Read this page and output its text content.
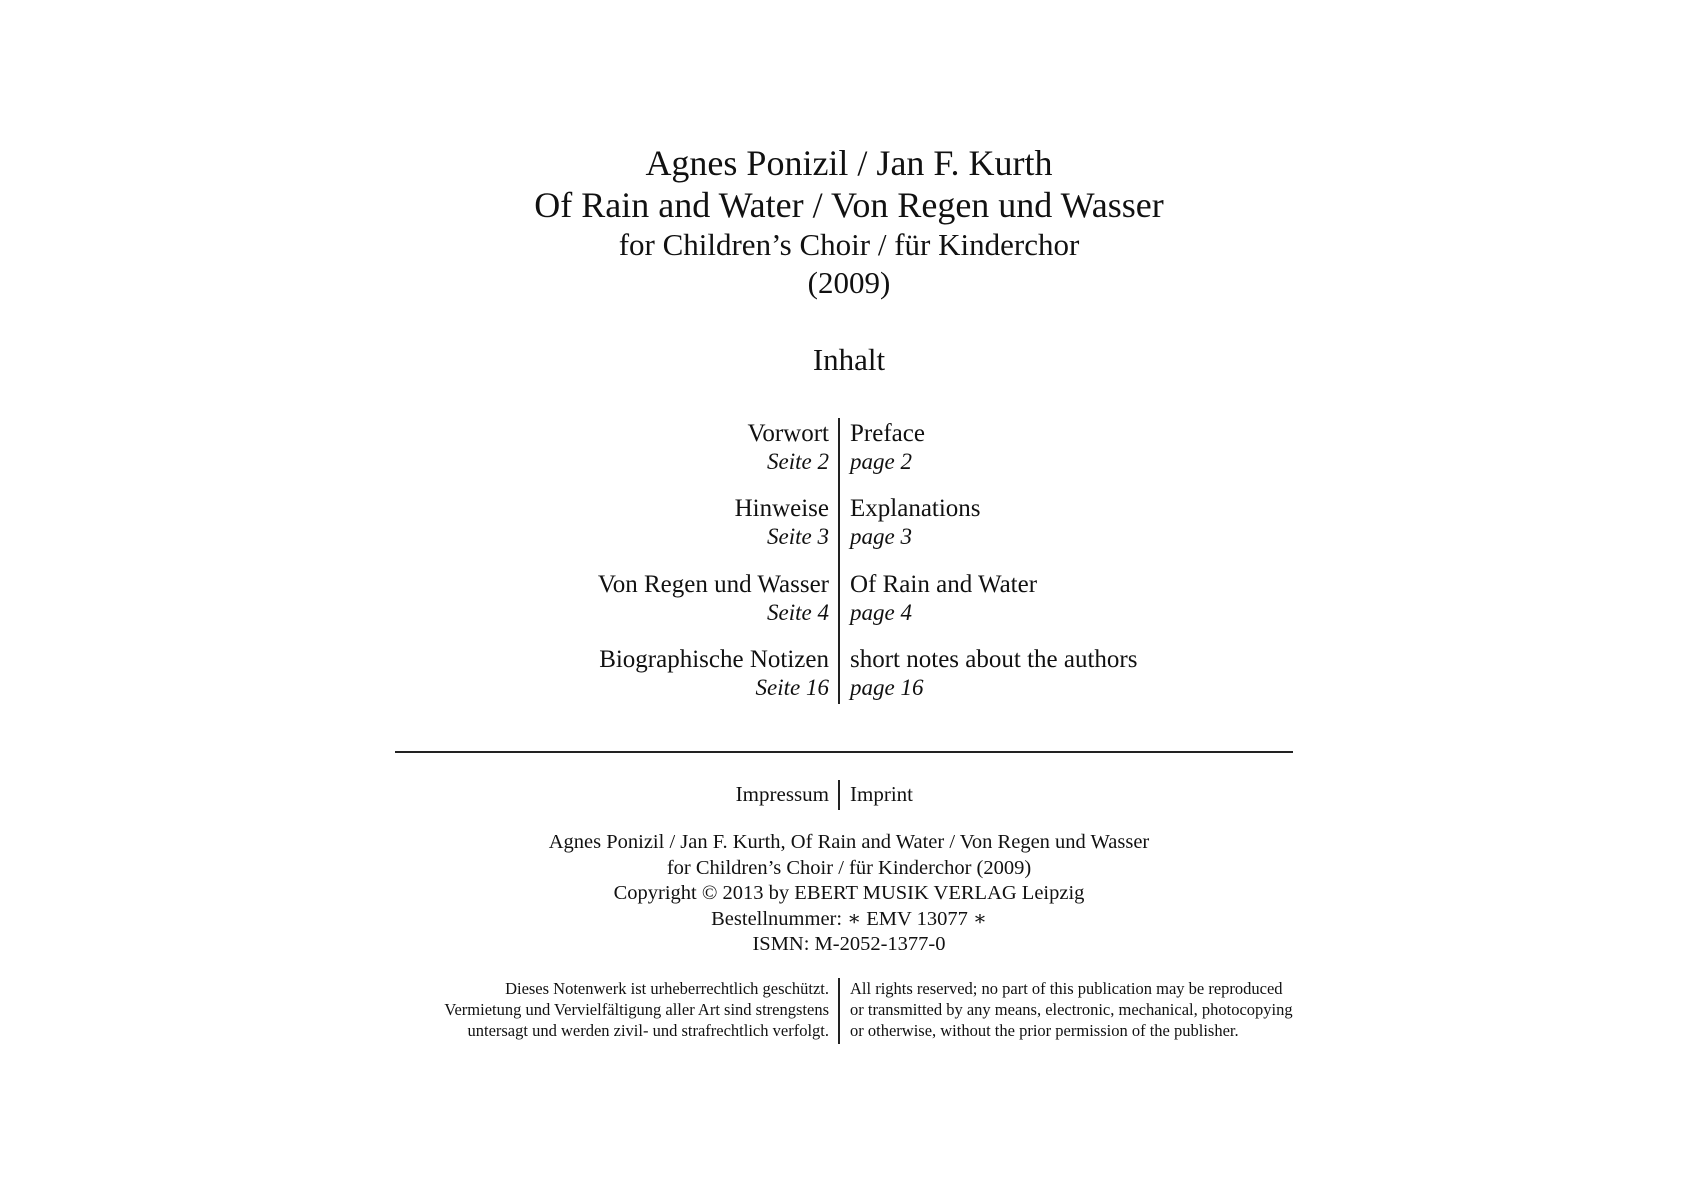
Agnes Ponizil / Jan F. Kurth
Of Rain and Water / Von Regen und Wasser
for Children’s Choir / für Kinderchor
(2009)
Inhalt
Vorwort
Seite 2
Preface
page 2
Hinweise
Seite 3
Explanations
page 3
Von Regen und Wasser
Seite 4
Of Rain and Water
page 4
Biographische Notizen
Seite 16
short notes about the authors
page 16
Impressum Imprint
Agnes Ponizil / Jan F. Kurth, Of Rain and Water / Von Regen und Wasser
for Children’s Choir / für Kinderchor (2009)
Copyright © 2013 by EBERT MUSIK VERLAG Leipzig
Bestellnummer: ∗ EMV 13077 ∗
ISMN: M-2052-1377-0
Dieses Notenwerk ist urheberrechtlich geschützt.
Vermietung und Vervielfältigung aller Art sind strengstens
untersagt und werden zivil- und strafrechtlich verfolgt.
All rights reserved; no part of this publication may be reproduced
or transmitted by any means, electronic, mechanical, photocopying
or otherwise, without the prior permission of the publisher.
